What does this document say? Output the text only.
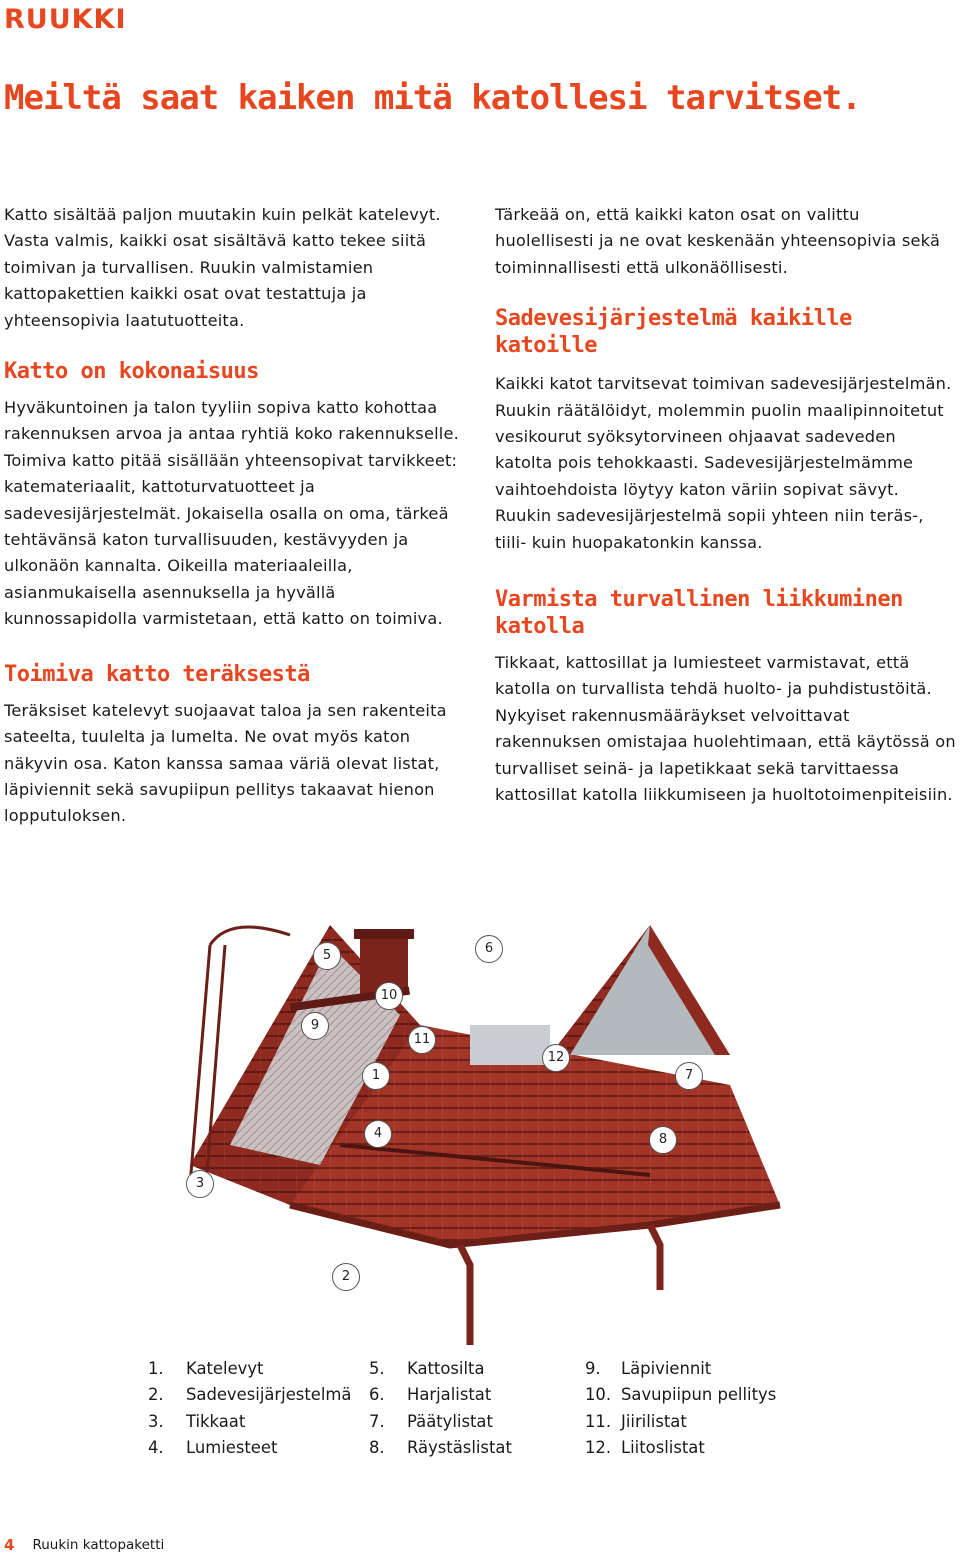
RUUKKI
Meiltä saat kaiken mitä katollesi tarvitset.

Katto sisältää paljon muutakin kuin pelkät katelevyt. Vasta valmis, kaikki osat sisältävä katto tekee siitä toimivan ja turvallisen. Ruukin valmistamien kattopakettien kaikki osat ovat testattuja ja yhteensopivia laatutuotteita.

Katto on kokonaisuus

Hyväkuntoinen ja talon tyyliin sopiva katto kohottaa rakennuksen arvoa ja antaa ryhtiä koko rakennukselle. Toimiva katto pitää sisällään yhteensopivat tarvikkeet: katemateriaalit, kattoturvatuotteet ja sadevesijärjestelmät. Jokaisella osalla on oma, tärkeä tehtävänsä katon turvallisuuden, kestävyyden ja ulkonäön kannalta. Oikeilla materiaaleilla, asianmukaisella asennuksella ja hyvällä kunnossapidolla varmistetaan, että katto on toimiva.

Toimiva katto teräksestä

Teräksiset katelevyt suojaavat taloa ja sen rakenteita sateelta, tuulelta ja lumelta. Ne ovat myös katon näkyvin osa. Katon kanssa samaa väriä olevat listat, läpiviennit sekä savupiipun pellitys takaavat hienon lopputuloksen.

Tärkeää on, että kaikki katon osat on valittu huolellisesti ja ne ovat keskenään yhteensopivia sekä toiminnallisesti että ulkonäöllisesti.

Sadevesijärjestelmä kaikille katoille

Kaikki katot tarvitsevat toimivan sadevesijärjestelmän. Ruukin räätälöidyt, molemmin puolin maalipinnoitetut vesikourut syöksytorvineen ohjaavat sadeveden katolta pois tehokkaasti. Sadevesijärjestelmämme vaihtoehdoista löytyy katon väriin sopivat sävyt. Ruukin sadevesijärjestelmä sopii yhteen niin teräs-, tiili- kuin huopakatonkin kanssa.

Varmista turvallinen liikkuminen katolla

Tikkaat, kattosillat ja lumiesteet varmistavat, että katolla on turvallista tehdä huolto- ja puhdistustöitä. Nykyiset rakennusmääräykset velvoittavat rakennuksen omistajaa huolehtimaan, että käytössä on turvalliset seinä- ja lapetikkaat sekä tarvittaessa kattosillat katolla liikkumiseen ja huoltotoimenpiteisiin.

5	6
10
9
11
12
1	7
4	8
3
2
1.	Katelevyt
2.	Sadevesijärjestelmä
3.	Tikkaat
4.	Lumiesteet
5.	Kattosilta
6.	Harjalistat
7.	Päätylistat
8.	Räystäslistat
9.	Läpiviennit
10. Savupiipun pellitys
11. Jiirilistat
12. Liitoslistat
4 Ruukin kattopaketti
